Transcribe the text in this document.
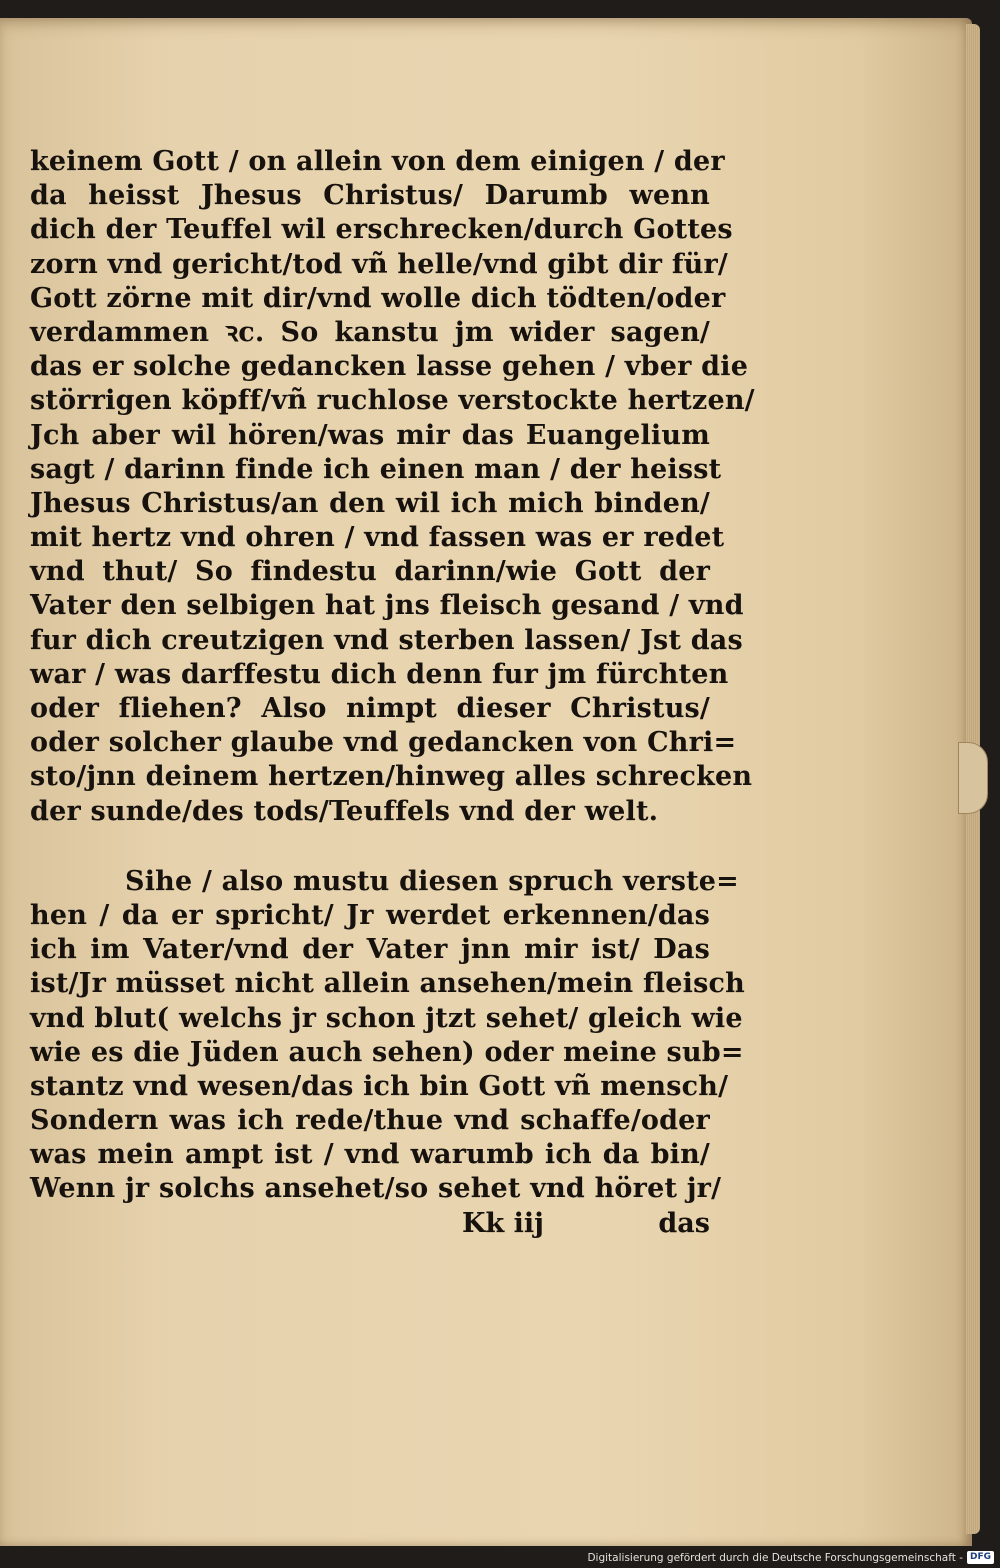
keinem Gott / on allein von dem einigen / der
da heisst Jhesus Christus/ Darumb wenn
dich der Teuffel wil erschrecken/durch Gottes
zorn vnd gericht/tod vñ helle/vnd gibt dir für/
Gott zörne mit dir/vnd wolle dich tödten/oder
verdammen ꝛc. So kanstu jm wider sagen/
das er solche gedancken lasse gehen / vber die
störrigen köpff/vñ ruchlose verstockte hertzen/
Jch aber wil hören/was mir das Euangelium
sagt / darinn finde ich einen man / der heisst
Jhesus Christus/an den wil ich mich binden/
mit hertz vnd ohren / vnd fassen was er redet
vnd thut/ So findestu darinn/wie Gott der
Vater den selbigen hat jns fleisch gesand / vnd
fur dich creutzigen vnd sterben lassen/ Jst das
war / was darffestu dich denn fur jm fürchten
oder fliehen? Also nimpt dieser Christus/
oder solcher glaube vnd gedancken von Chri=
sto/jnn deinem hertzen/hinweg alles schrecken
der sunde/des tods/Teuffels vnd der welt.
Sihe / also mustu diesen spruch verste=
hen / da er spricht/ Jr werdet erkennen/das
ich im Vater/vnd der Vater jnn mir ist/ Das
ist/Jr müsset nicht allein ansehen/mein fleisch
vnd blut( welchs jr schon jtzt sehet/ gleich wie
wie es die Jüden auch sehen) oder meine sub=
stantz vnd wesen/das ich bin Gott vñ mensch/
Sondern was ich rede/thue vnd schaffe/oder
was mein ampt ist / vnd warumb ich da bin/
Wenn jr solchs ansehet/so sehet vnd höret jr/
Kk iij	das
Digitalisierung gefördert durch die Deutsche Forschungsgemeinschaft - DFG
